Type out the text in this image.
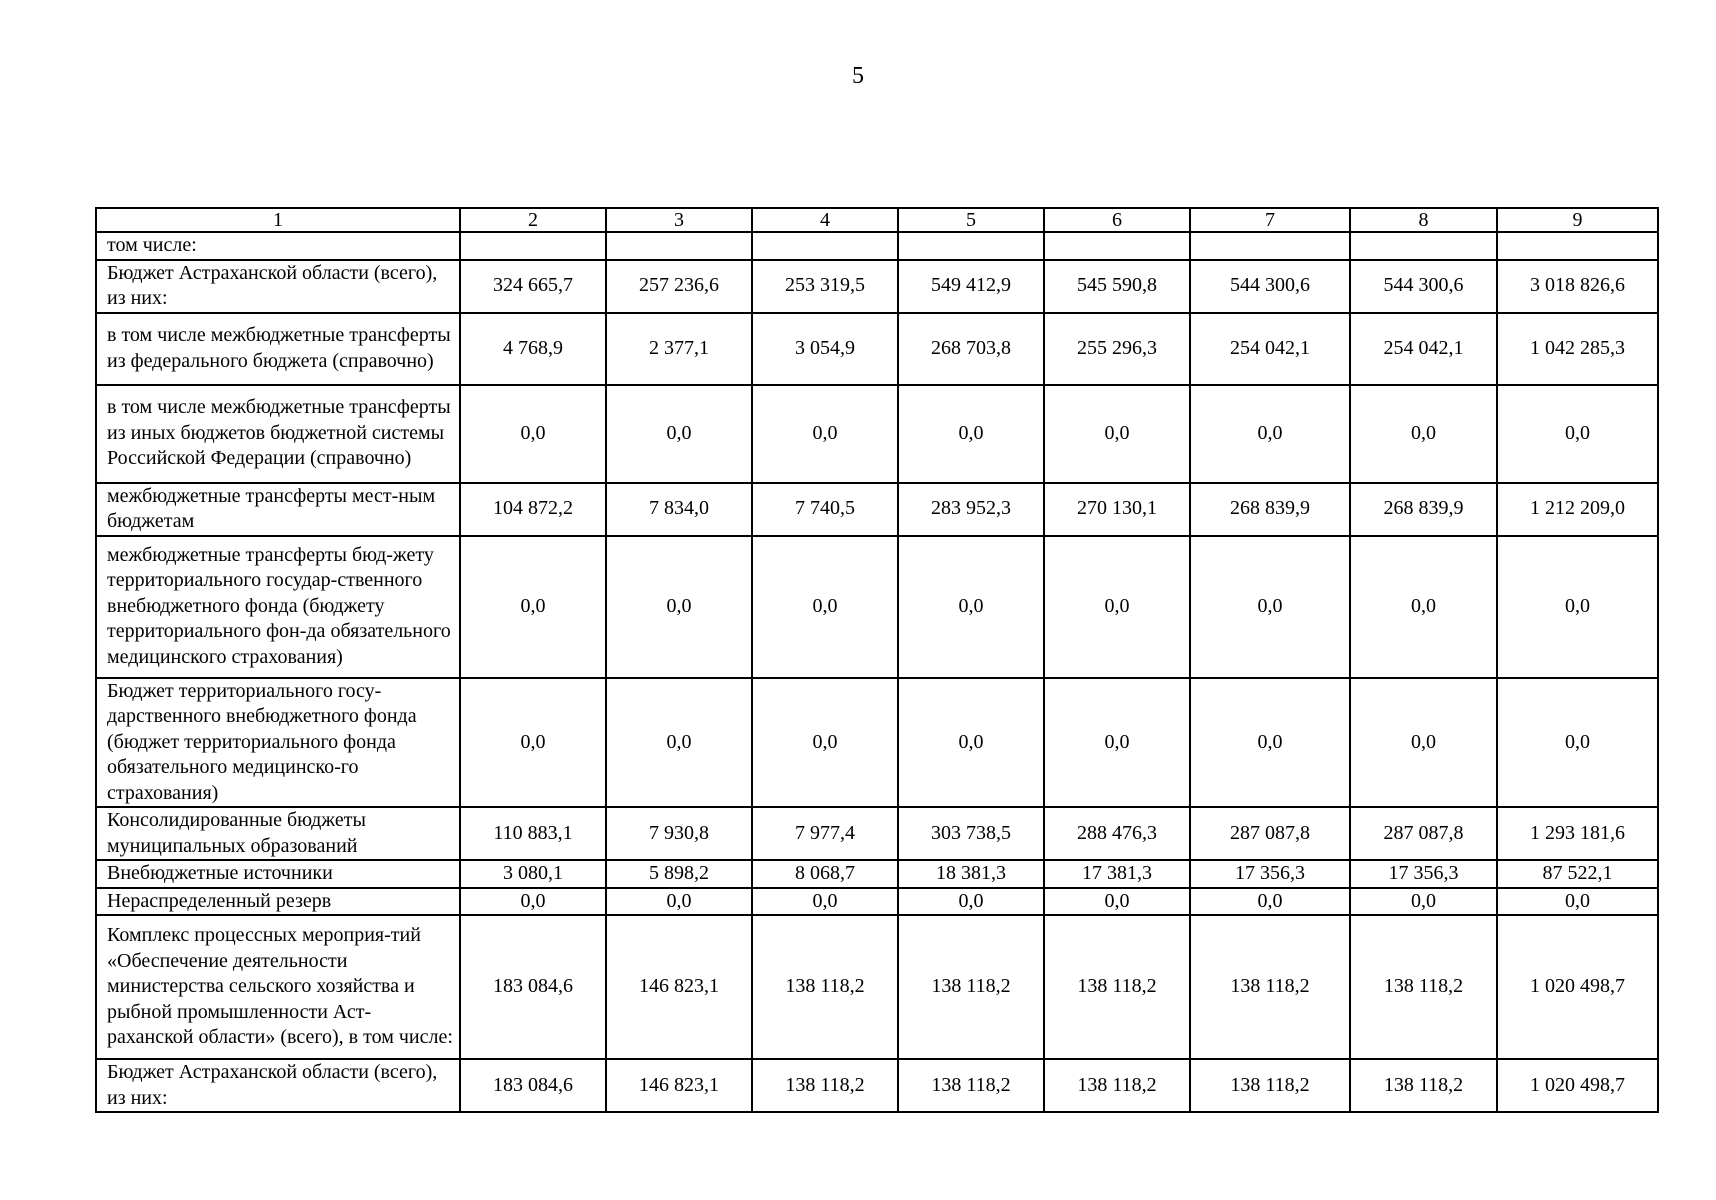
5
1	2	3	4	5	6	7	8	9
том числе:								
Бюджет Астраханской области (всего), из них:	324 665,7	257 236,6	253 319,5	549 412,9	545 590,8	544 300,6	544 300,6	3 018 826,6
в том числе межбюджетные трансферты из федерального бюджета (справочно)	4 768,9	2 377,1	3 054,9	268 703,8	255 296,3	254 042,1	254 042,1	1 042 285,3
в том числе межбюджетные трансферты из иных бюджетов бюджетной системы Российской Федерации (справочно)	0,0	0,0	0,0	0,0	0,0	0,0	0,0	0,0
межбюджетные трансферты мест-ным бюджетам	104 872,2	7 834,0	7 740,5	283 952,3	270 130,1	268 839,9	268 839,9	1 212 209,0
межбюджетные трансферты бюд-жету территориального государ-ственного внебюджетного фонда (бюджету территориального фон-да обязательного медицинского страхования)	0,0	0,0	0,0	0,0	0,0	0,0	0,0	0,0
Бюджет территориального госу-дарственного внебюджетного фонда (бюджет территориального фонда обязательного медицинско-го страхования)	0,0	0,0	0,0	0,0	0,0	0,0	0,0	0,0
Консолидированные бюджеты муниципальных образований	110 883,1	7 930,8	7 977,4	303 738,5	288 476,3	287 087,8	287 087,8	1 293 181,6
Внебюджетные источники	3 080,1	5 898,2	8 068,7	18 381,3	17 381,3	17 356,3	17 356,3	87 522,1
Нераспределенный резерв	0,0	0,0	0,0	0,0	0,0	0,0	0,0	0,0
Комплекс процессных мероприя-тий «Обеспечение деятельности министерства сельского хозяйства и рыбной промышленности Аст-раханской области» (всего), в том числе:	183 084,6	146 823,1	138 118,2	138 118,2	138 118,2	138 118,2	138 118,2	1 020 498,7
Бюджет Астраханской области (всего), из них:	183 084,6	146 823,1	138 118,2	138 118,2	138 118,2	138 118,2	138 118,2	1 020 498,7
